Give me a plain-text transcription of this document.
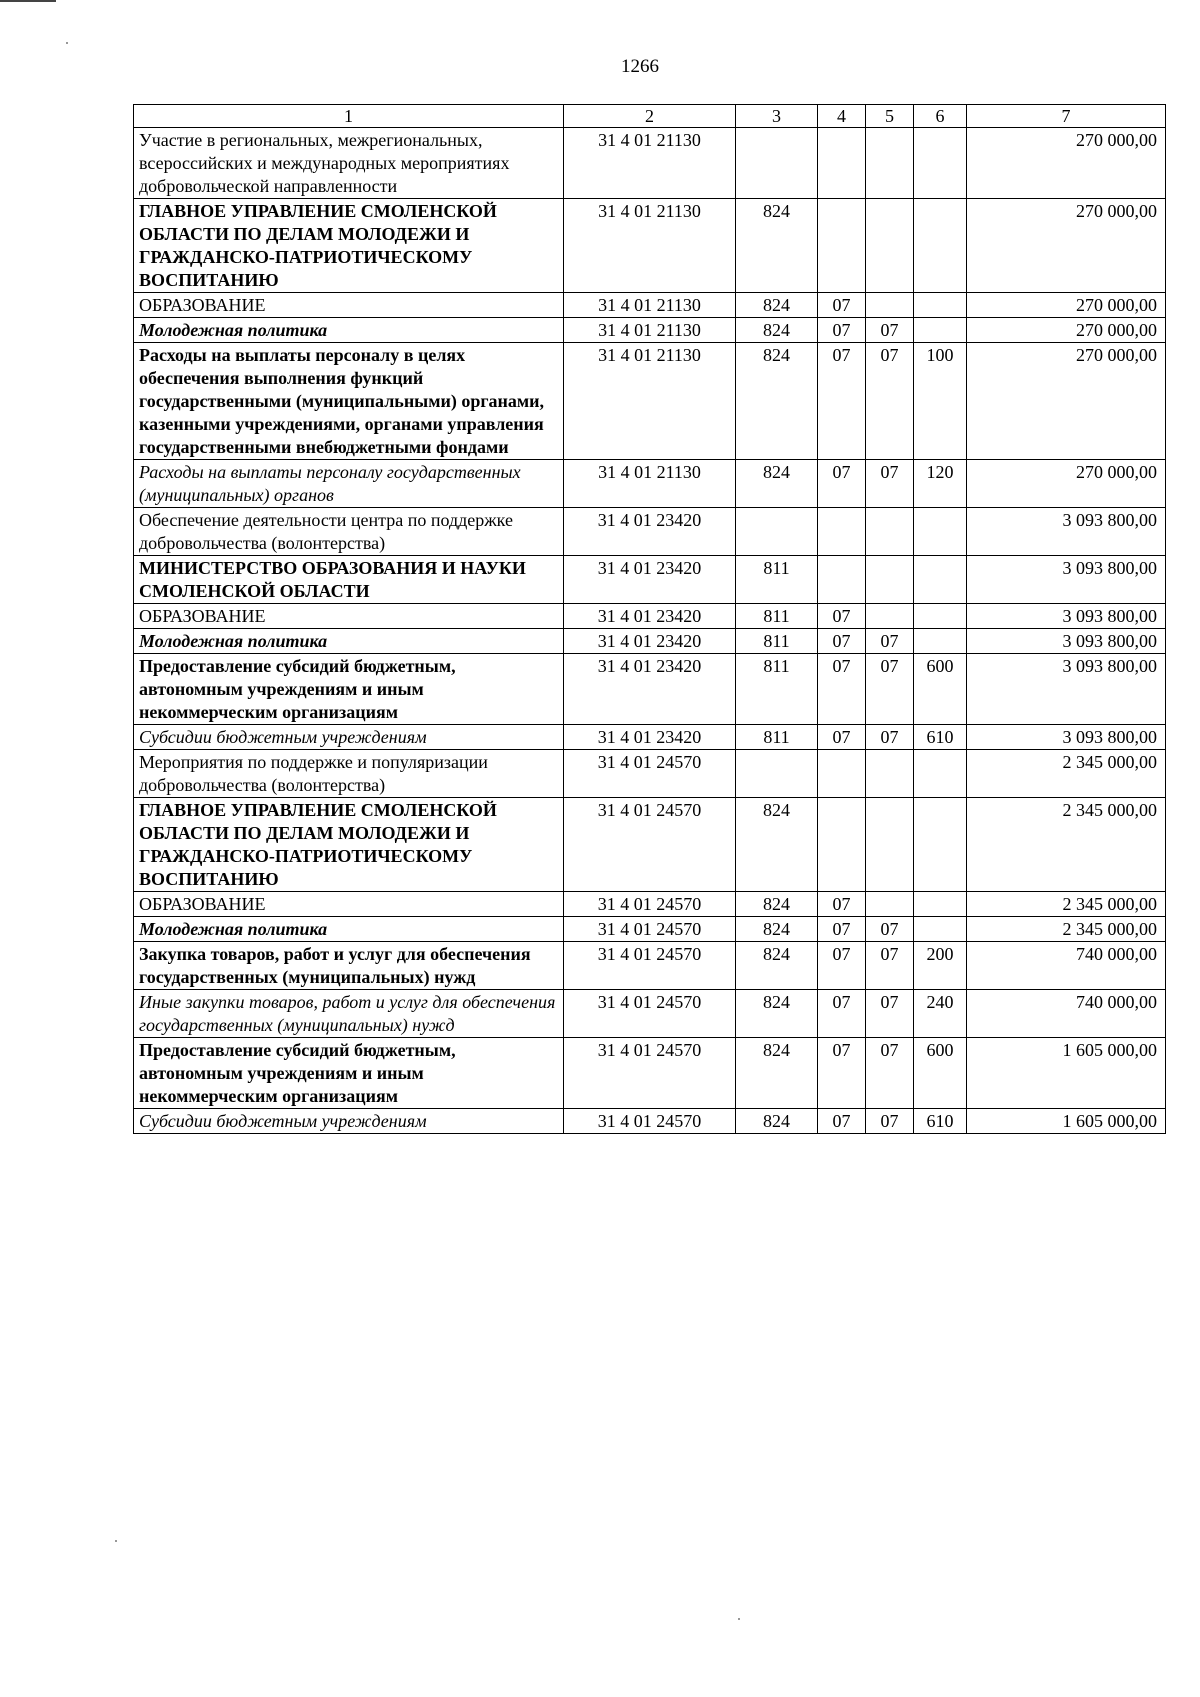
1266
1	2	3	4	5	6	7
Участие в региональных, межрегиональных, всероссийских и международных мероприятиях добровольческой направленности	31 4 01 21130					270 000,00
ГЛАВНОЕ УПРАВЛЕНИЕ СМОЛЕНСКОЙ ОБЛАСТИ ПО ДЕЛАМ МОЛОДЕЖИ И ГРАЖДАНСКО-ПАТРИОТИЧЕСКОМУ ВОСПИТАНИЮ	31 4 01 21130	824				270 000,00
ОБРАЗОВАНИЕ	31 4 01 21130	824	07			270 000,00
Молодежная политика	31 4 01 21130	824	07	07		270 000,00
Расходы на выплаты персоналу в целях обеспечения выполнения функций государственными (муниципальными) органами, казенными учреждениями, органами управления государственными внебюджетными фондами	31 4 01 21130	824	07	07	100	270 000,00
Расходы на выплаты персоналу государственных (муниципальных) органов	31 4 01 21130	824	07	07	120	270 000,00
Обеспечение деятельности центра по поддержке добровольчества (волонтерства)	31 4 01 23420					3 093 800,00
МИНИСТЕРСТВО ОБРАЗОВАНИЯ И НАУКИ СМОЛЕНСКОЙ ОБЛАСТИ	31 4 01 23420	811				3 093 800,00
ОБРАЗОВАНИЕ	31 4 01 23420	811	07			3 093 800,00
Молодежная политика	31 4 01 23420	811	07	07		3 093 800,00
Предоставление субсидий бюджетным, автономным учреждениям и иным некоммерческим организациям	31 4 01 23420	811	07	07	600	3 093 800,00
Субсидии бюджетным учреждениям	31 4 01 23420	811	07	07	610	3 093 800,00
Мероприятия по поддержке и популяризации добровольчества (волонтерства)	31 4 01 24570					2 345 000,00
ГЛАВНОЕ УПРАВЛЕНИЕ СМОЛЕНСКОЙ ОБЛАСТИ ПО ДЕЛАМ МОЛОДЕЖИ И ГРАЖДАНСКО-ПАТРИОТИЧЕСКОМУ ВОСПИТАНИЮ	31 4 01 24570	824				2 345 000,00
ОБРАЗОВАНИЕ	31 4 01 24570	824	07			2 345 000,00
Молодежная политика	31 4 01 24570	824	07	07		2 345 000,00
Закупка товаров, работ и услуг для обеспечения государственных (муниципальных) нужд	31 4 01 24570	824	07	07	200	740 000,00
Иные закупки товаров, работ и услуг для обеспечения государственных (муниципальных) нужд	31 4 01 24570	824	07	07	240	740 000,00
Предоставление субсидий бюджетным, автономным учреждениям и иным некоммерческим организациям	31 4 01 24570	824	07	07	600	1 605 000,00
Субсидии бюджетным учреждениям	31 4 01 24570	824	07	07	610	1 605 000,00
